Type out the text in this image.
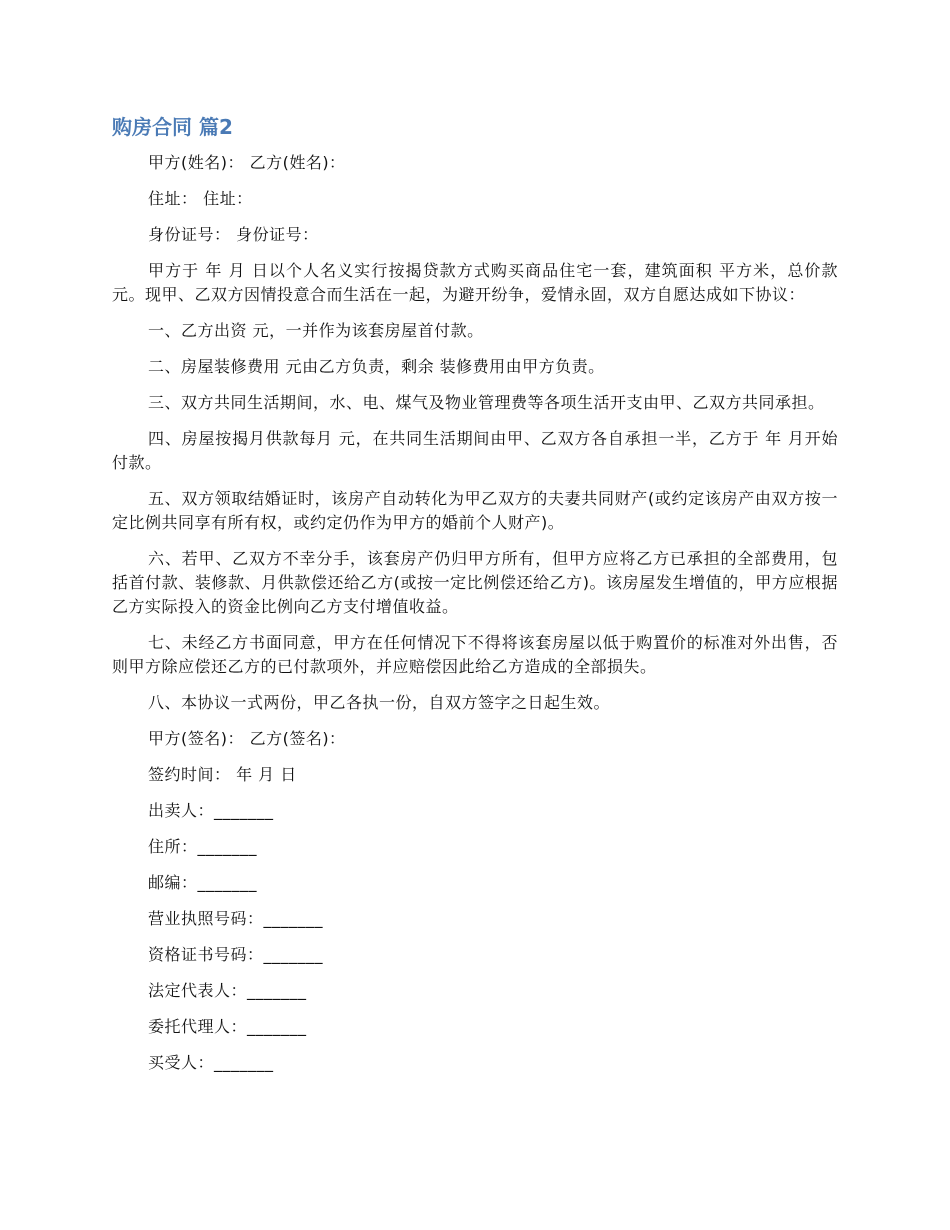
购房合同 篇2

甲方(姓名)： 乙方(姓名)：

住址： 住址：

身份证号： 身份证号：

甲方于 年 月 日以个人名义实行按揭贷款方式购买商品住宅一套，建筑面积 平方米，总价款 元。现甲、乙双方因情投意合而生活在一起，为避开纷争，爱情永固，双方自愿达成如下协议：

一、乙方出资 元，一并作为该套房屋首付款。

二、房屋装修费用 元由乙方负责，剩余 装修费用由甲方负责。

三、双方共同生活期间，水、电、煤气及物业管理费等各项生活开支由甲、乙双方共同承担。

四、房屋按揭月供款每月 元，在共同生活期间由甲、乙双方各自承担一半，乙方于 年 月开始付款。

五、双方领取结婚证时，该房产自动转化为甲乙双方的夫妻共同财产(或约定该房产由双方按一定比例共同享有所有权，或约定仍作为甲方的婚前个人财产)。

六、若甲、乙双方不幸分手，该套房产仍归甲方所有，但甲方应将乙方已承担的全部费用，包括首付款、装修款、月供款偿还给乙方(或按一定比例偿还给乙方)。该房屋发生增值的，甲方应根据乙方实际投入的资金比例向乙方支付增值收益。

七、未经乙方书面同意，甲方在任何情况下不得将该套房屋以低于购置价的标准对外出售，否则甲方除应偿还乙方的已付款项外，并应赔偿因此给乙方造成的全部损失。

八、本协议一式两份，甲乙各执一份，自双方签字之日起生效。

甲方(签名)： 乙方(签名)：

签约时间： 年 月 日

出卖人：_______

住所：_______

邮编：_______

营业执照号码：_______

资格证书号码：_______

法定代表人：_______

委托代理人：_______

买受人：_______
